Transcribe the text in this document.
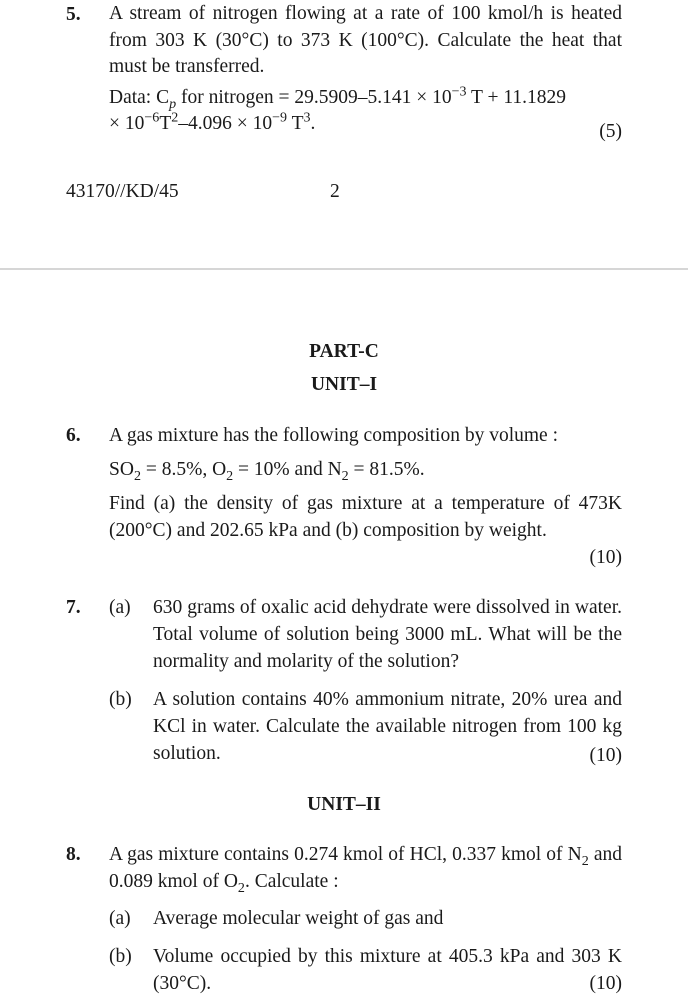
5. A stream of nitrogen flowing at a rate of 100 kmol/h is heated from 303 K (30°C) to 373 K (100°C). Calculate the heat that must be transferred.

Data: $C_p$ for nitrogen = $29.5909-5.141 \times 10^{-3}$ T + 11.1829
× $10^{-6}T^2-4.096 \times 10^{-9}$ $T^3$.	(5)
43170//KD/45	2
PART-C
UNIT–I
6. A gas mixture has the following composition by volume :

$SO_2 = 8.5\%$, $O_2 = 10\%$ and $N_2 = 81.5\%$.

Find (a) the density of gas mixture at a temperature of 473K (200°C) and 202.65 kPa and (b) composition by weight.

(10)

7. (a) 630 grams of oxalic acid dehydrate were dissolved in water. Total volume of solution being 3000 mL. What will be the normality and molarity of the solution?

(b) A solution contains 40% ammonium nitrate, 20% urea and KCl in water. Calculate the available nitrogen from 100 kg solution.	(10)
UNIT–II
8. A gas mixture contains 0.274 kmol of HCl, 0.337 kmol of $N_2$ and 0.089 kmol of $O_2$. Calculate :

(a) Average molecular weight of gas and

(b) Volume occupied by this mixture at 405.3 kPa and 303 K (30°C).	(10)
